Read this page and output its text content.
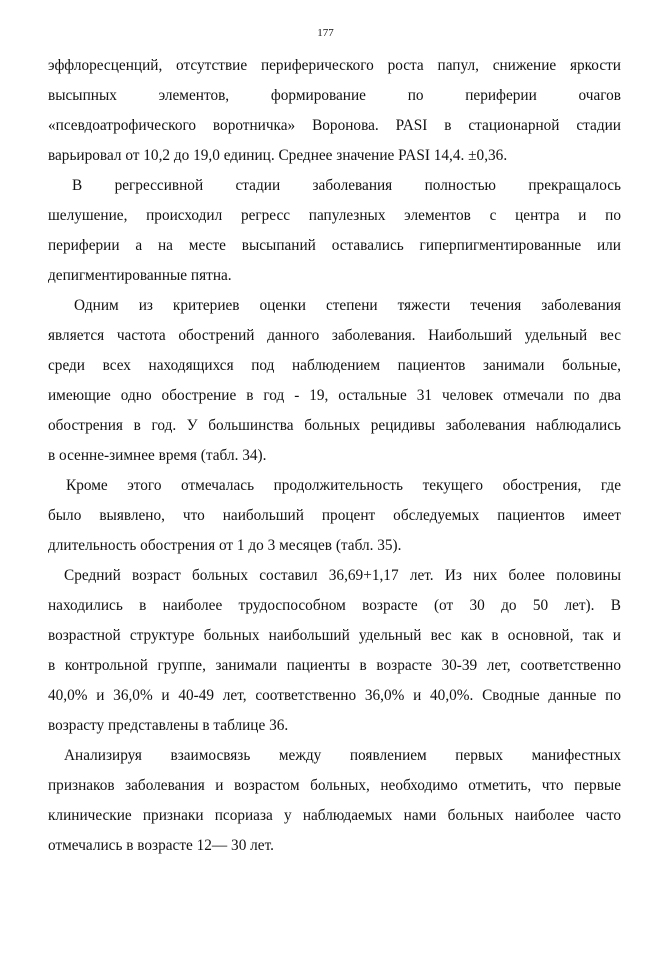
177
эффлоресценций, отсутствие периферического роста папул, снижение яркости
высыпных элементов, формирование по периферии очагов
«псевдоатрофического воротничка» Воронова. PASI в стационарной стадии
варьировал от 10,2 до 19,0 единиц. Среднее значение PASI 14,4. ±0,36.
В регрессивной стадии заболевания полностью прекращалось
шелушение, происходил регресс папулезных элементов с центра и по
периферии а на месте высыпаний оставались гиперпигментированные или
депигментированные пятна.
Одним из критериев оценки степени тяжести течения заболевания
является частота обострений данного заболевания. Наибольший удельный вес
среди всех находящихся под наблюдением пациентов занимали больные,
имеющие одно обострение в год - 19, остальные 31 человек отмечали по два
обострения в год. У большинства больных рецидивы заболевания наблюдались
в осенне-зимнее время (табл. 34).
Кроме этого отмечалась продолжительность текущего обострения, где
было выявлено, что наибольший процент обследуемых пациентов имеет
длительность обострения от 1 до 3 месяцев (табл. 35).
Средний возраст больных составил 36,69+1,17 лет. Из них более половины
находились в наиболее трудоспособном возрасте (от 30 до 50 лет). В
возрастной структуре больных наибольший удельный вес как в основной, так и
в контрольной группе, занимали пациенты в возрасте 30-39 лет, соответственно
40,0% и 36,0% и 40-49 лет, соответственно 36,0% и 40,0%. Сводные данные по
возрасту представлены в таблице 36.
Анализируя взаимосвязь между появлением первых манифестных
признаков заболевания и возрастом больных, необходимо отметить, что первые
клинические признаки псориаза у наблюдаемых нами больных наиболее часто
отмечались в возрасте 12— 30 лет.
